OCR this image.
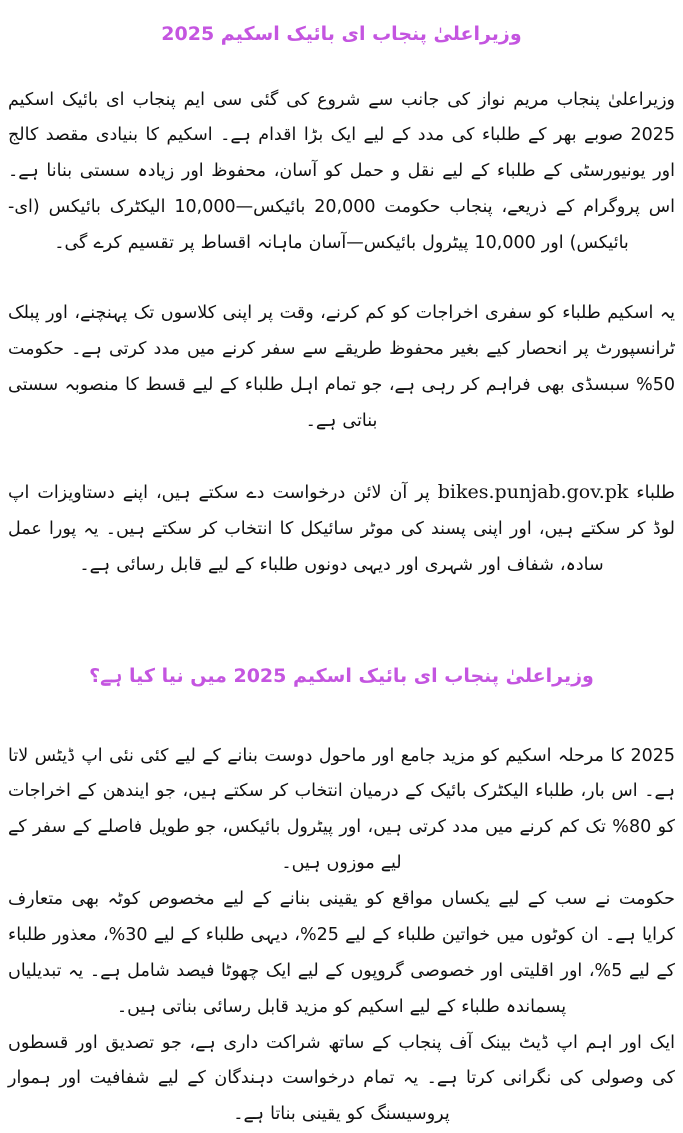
وزیراعلیٰ پنجاب ای بائیک اسکیم 2025

وزیراعلیٰ پنجاب مریم نواز کی جانب سے شروع کی گئی سی ایم پنجاب ای بائیک اسکیم 2025 صوبے بھر کے طلباء کی مدد کے لیے ایک بڑا اقدام ہے۔ اسکیم کا بنیادی مقصد کالج اور یونیورسٹی کے طلباء کے لیے نقل و حمل کو آسان، محفوظ اور زیادہ سستی بنانا ہے۔ اس پروگرام کے ذریعے، پنجاب حکومت 20,000 بائیکس—10,000 الیکٹرک بائیکس (ای-بائیکس) اور 10,000 پیٹرول بائیکس—آسان ماہانہ اقساط پر تقسیم کرے گی۔

یہ اسکیم طلباء کو سفری اخراجات کو کم کرنے، وقت پر اپنی کلاسوں تک پہنچنے، اور پبلک ٹرانسپورٹ پر انحصار کیے بغیر محفوظ طریقے سے سفر کرنے میں مدد کرتی ہے۔ حکومت 50% سبسڈی بھی فراہم کر رہی ہے، جو تمام اہل طلباء کے لیے قسط کا منصوبہ سستی بناتی ہے۔

طلباء bikes.punjab.gov.pk پر آن لائن درخواست دے سکتے ہیں، اپنے دستاویزات اپ لوڈ کر سکتے ہیں، اور اپنی پسند کی موٹر سائیکل کا انتخاب کر سکتے ہیں۔ یہ پورا عمل سادہ، شفاف اور شہری اور دیہی دونوں طلباء کے لیے قابل رسائی ہے۔

وزیراعلیٰ پنجاب ای بائیک اسکیم 2025 میں نیا کیا ہے؟

2025 کا مرحلہ اسکیم کو مزید جامع اور ماحول دوست بنانے کے لیے کئی نئی اپ ڈیٹس لاتا ہے۔ اس بار، طلباء الیکٹرک بائیک کے درمیان انتخاب کر سکتے ہیں، جو ایندھن کے اخراجات کو 80% تک کم کرنے میں مدد کرتی ہیں، اور پیٹرول بائیکس، جو طویل فاصلے کے سفر کے لیے موزوں ہیں۔

حکومت نے سب کے لیے یکساں مواقع کو یقینی بنانے کے لیے مخصوص کوٹہ بھی متعارف کرایا ہے۔ ان کوٹوں میں خواتین طلباء کے لیے 25%، دیہی طلباء کے لیے 30%، معذور طلباء کے لیے 5%، اور اقلیتی اور خصوصی گروپوں کے لیے ایک چھوٹا فیصد شامل ہے۔ یہ تبدیلیاں پسماندہ طلباء کے لیے اسکیم کو مزید قابل رسائی بناتی ہیں۔

ایک اور اہم اپ ڈیٹ بینک آف پنجاب کے ساتھ شراکت داری ہے، جو تصدیق اور قسطوں کی وصولی کی نگرانی کرتا ہے۔ یہ تمام درخواست دہندگان کے لیے شفافیت اور ہموار پروسیسنگ کو یقینی بناتا ہے۔
